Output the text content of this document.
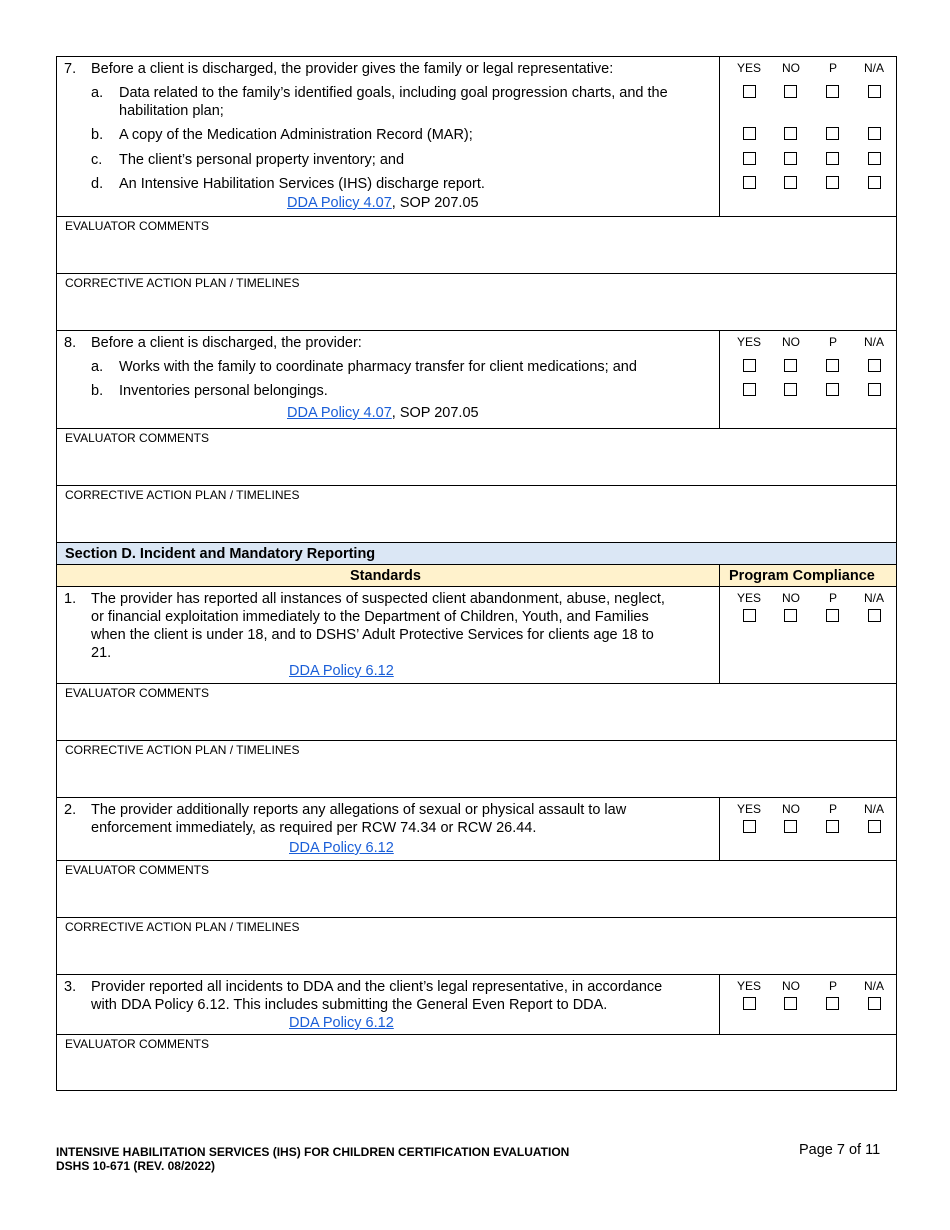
7. Before a client is discharged, the provider gives the family or legal representative:
a. Data related to the family’s identified goals, including goal progression charts, and the
habilitation plan;
b. A copy of the Medication Administration Record (MAR);
c. The client’s personal property inventory; and
d. An Intensive Habilitation Services (IHS) discharge report.
DDA Policy 4.07, SOP 207.05
YES NO P N/A
EVALUATOR COMMENTS
CORRECTIVE ACTION PLAN / TIMELINES
8. Before a client is discharged, the provider:
a. Works with the family to coordinate pharmacy transfer for client medications; and
b. Inventories personal belongings.
DDA Policy 4.07, SOP 207.05
YES NO P N/A
EVALUATOR COMMENTS
CORRECTIVE ACTION PLAN / TIMELINES
Section D. Incident and Mandatory Reporting
Standards	Program Compliance
1. The provider has reported all instances of suspected client abandonment, abuse, neglect,
or financial exploitation immediately to the Department of Children, Youth, and Families
when the client is under 18, and to DSHS’ Adult Protective Services for clients age 18 to
21.
DDA Policy 6.12
YES NO P N/A
EVALUATOR COMMENTS
CORRECTIVE ACTION PLAN / TIMELINES
2. The provider additionally reports any allegations of sexual or physical assault to law
enforcement immediately, as required per RCW 74.34 or RCW 26.44.
DDA Policy 6.12
YES NO P N/A
EVALUATOR COMMENTS
CORRECTIVE ACTION PLAN / TIMELINES
3. Provider reported all incidents to DDA and the client’s legal representative, in accordance
with DDA Policy 6.12. This includes submitting the General Even Report to DDA.
DDA Policy 6.12
YES NO P N/A
EVALUATOR COMMENTS
INTENSIVE HABILITATION SERVICES (IHS) FOR CHILDREN CERTIFICATION EVALUATION
DSHS 10-671 (REV. 08/2022)
Page 7 of 11
